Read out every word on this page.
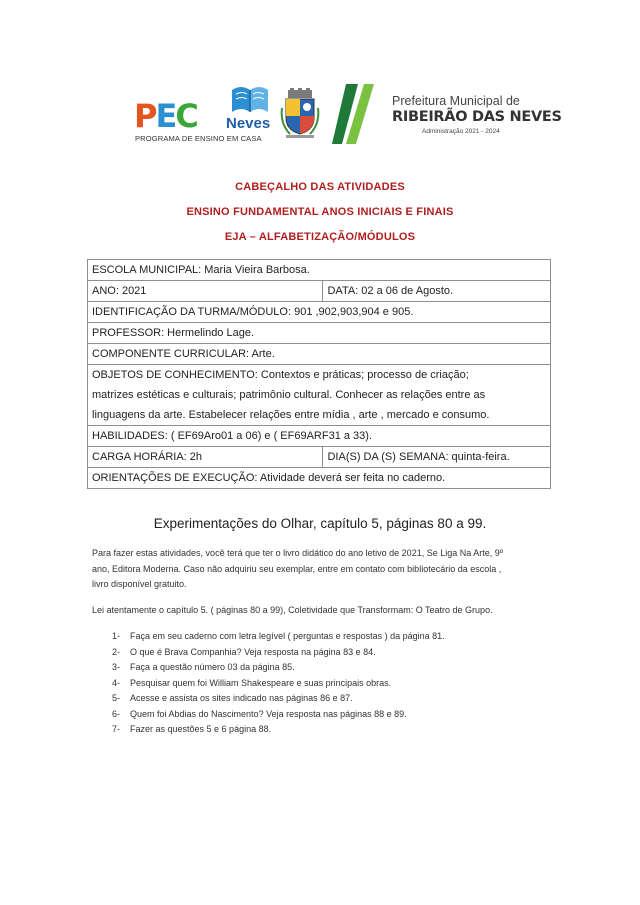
PEC Neves
PROGRAMA DE ENSINO EM CASA
Prefeitura Municipal de
RIBEIRÃO DAS NEVES
Administração 2021 - 2024
CABEÇALHO DAS ATIVIDADES
ENSINO FUNDAMENTAL ANOS INICIAIS E FINAIS
EJA – ALFABETIZAÇÃO/MÓDULOS
ESCOLA MUNICIPAL: Maria Vieira Barbosa.	
ANO: 2021	DATA: 02 a 06 de Agosto.
IDENTIFICAÇÃO DA TURMA/MÓDULO: 901 ,902,903,904 e 905.	
PROFESSOR: Hermelindo Lage.	
COMPONENTE CURRICULAR: Arte.	

OBJETOS DE CONHECIMENTO: Contextos e práticas; processo de criação;
matrizes estéticas e culturais; patrimônio cultural. Conhecer as relações entre as
linguagens da arte. Estabelecer relações entre mídia , arte , mercado e consumo.	

HABILIDADES: ( EF69Aro01 a 06) e ( EF69ARF31 a 33).	
CARGA HORÁRIA: 2h	DIA(S) DA (S) SEMANA: quinta-feira.
ORIENTAÇÕES DE EXECUÇÃO: Atividade deverá ser feita no caderno.	
Experimentações do Olhar, capítulo 5, páginas 80 a 99.
Para fazer estas atividades, você terá que ter o livro didático do ano letivo de 2021, Se Liga Na Arte, 9º
ano, Editora Moderna. Caso não adquiriu seu exemplar, entre em contato com bibliotecário da escola ,
livro disponível gratuito.
Lei atentamente o capítulo 5. ( páginas 80 a 99), Coletividade que Transformam: O Teatro de Grupo.
1- Faça em seu caderno com letra legível ( perguntas e respostas ) da página 81.
2- O que é Brava Companhia? Veja resposta na página 83 e 84.
3- Faça a questão número 03 da página 85.
4- Pesquisar quem foi William Shakespeare e suas principais obras.
5- Acesse e assista os sites indicado nas páginas 86 e 87.
6- Quem foi Abdias do Nascimento? Veja resposta nas páginas 88 e 89.
7- Fazer as questões 5 e 6 página 88.
